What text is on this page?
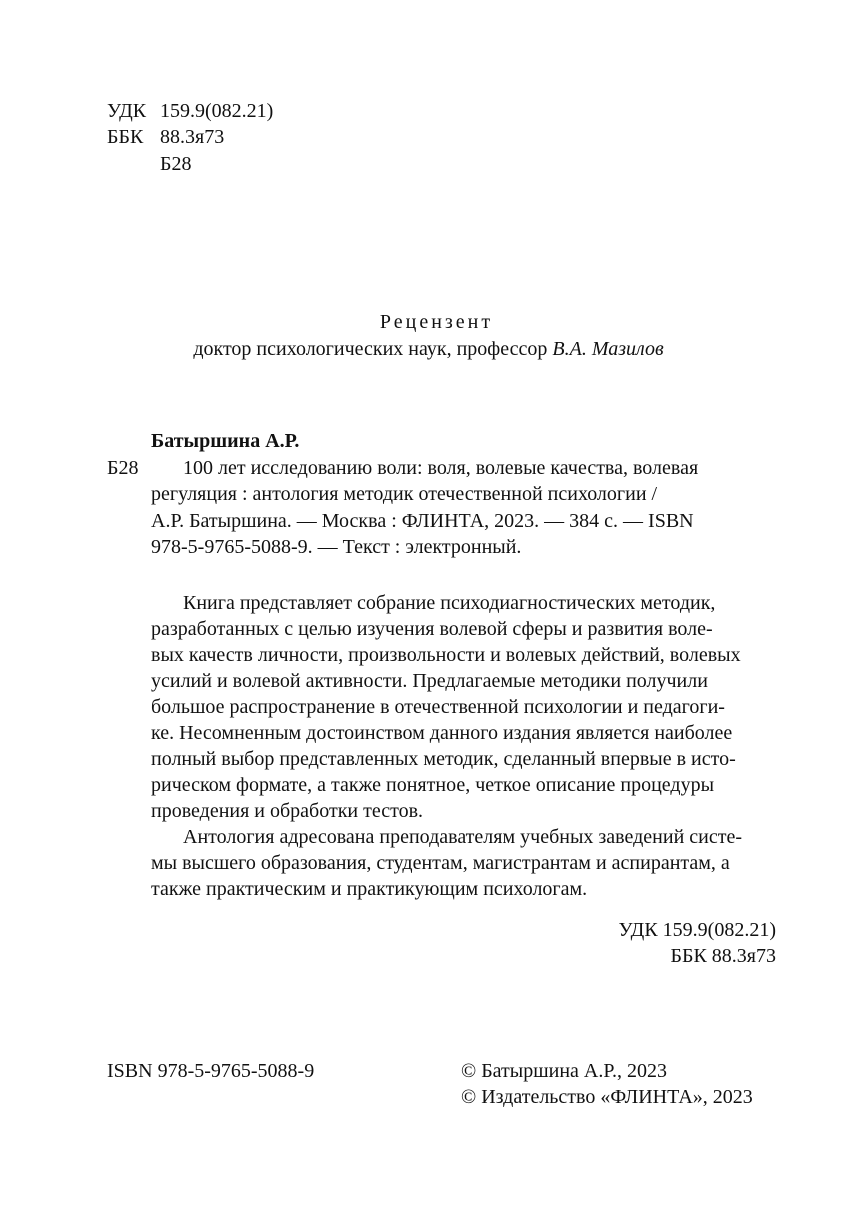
УДК 159.9(082.21)
ББК 88.3я73
Б28
Рецензент
доктор психологических наук, профессор В.А. Мазилов
Батыршина А.Р.
Б28 100 лет исследованию воли: воля, волевые качества, волевая
регуляция : антология методик отечественной психологии /
А.Р. Батыршина. — Москва : ФЛИНТА, 2023. — 384 с. — ISBN
978-5-9765-5088-9. — Текст : электронный.
Книга представляет собрание психодиагностических методик,
разработанных с целью изучения волевой сферы и развития воле-
вых качеств личности, произвольности и волевых действий, волевых
усилий и волевой активности. Предлагаемые методики получили
большое распространение в отечественной психологии и педагоги-
ке. Несомненным достоинством данного издания является наиболее
полный выбор представленных методик, сделанный впервые в исто-
рическом формате, а также понятное, четкое описание процедуры
проведения и обработки тестов.
Антология адресована преподавателям учебных заведений систе-
мы высшего образования, студентам, магистрантам и аспирантам, а
также практическим и практикующим психологам.
УДК 159.9(082.21)
ББК 88.3я73
ISBN 978-5-9765-5088-9	© Батыршина А.Р., 2023
© Издательство «ФЛИНТА», 2023
